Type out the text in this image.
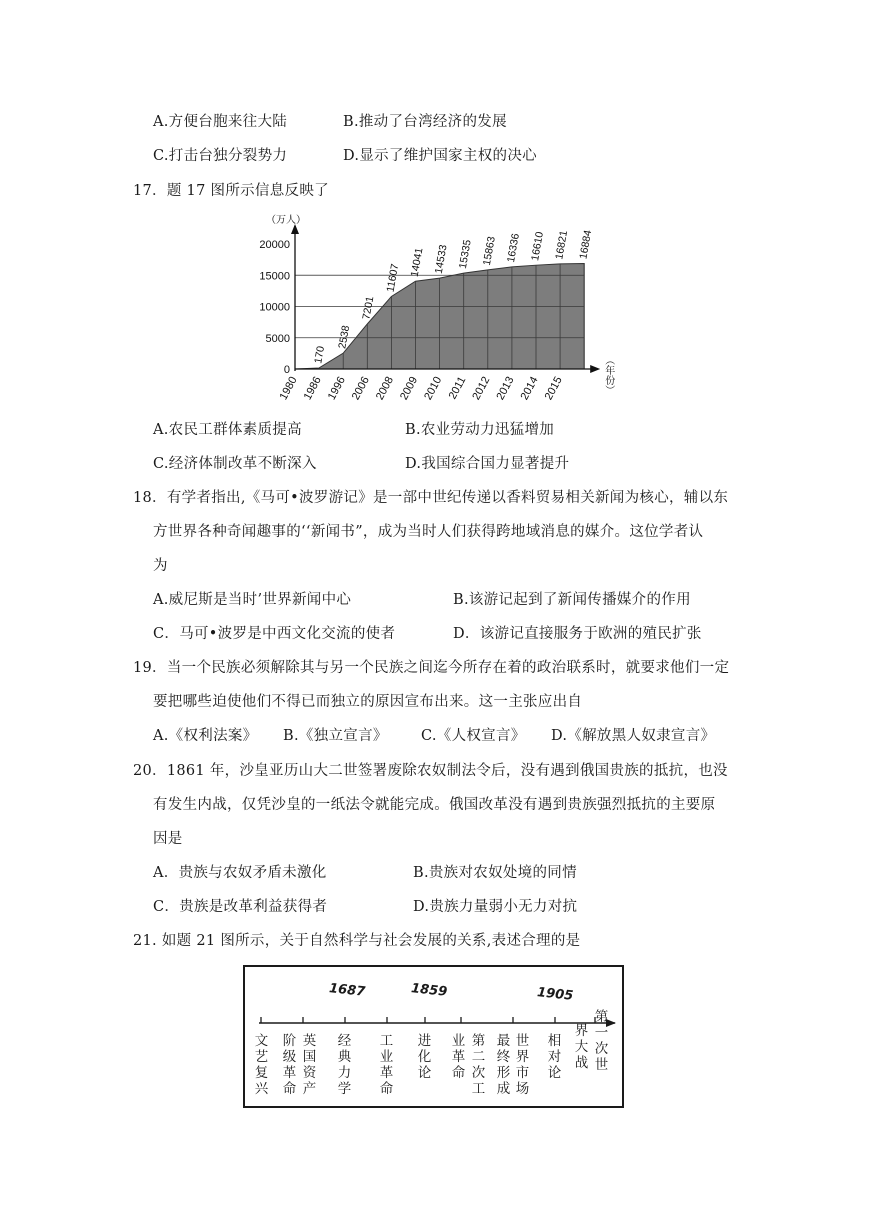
A.方便台胞来往大陆	B.推动了台湾经济的发展
C.打击台独分裂势力	D.显示了维护国家主权的决心
17．题 17 图所示信息反映了
0
5000
10000
15000
20000
（万人）
1980 1986 1996 2006 2008 2009 2010 2011 2012 2013 2014 2015	（年份）
170
2538
7201
11607
14041 14533 15335 15863 16336 16610 16821 16884
A.农民工群体素质提高	B.农业劳动力迅猛增加
C.经济体制改革不断深入	D.我国综合国力显著提升
18．有学者指出,《马可•波罗游记》是一部中世纪传递以香料贸易相关新闻为核心，辅以东
方世界各种奇闻趣事的‘‘新闻书”，成为当时人们获得跨地域消息的媒介。这位学者认
为
A.威尼斯是当时’世界新闻中心	B.该游记起到了新闻传播媒介的作用
C．马可•波罗是中西文化交流的使者	D．该游记直接服务于欧洲的殖民扩张
19．当一个民族必须解除其与另一个民族之间迄今所存在着的政治联系时，就要求他们一定
要把哪些迫使他们不得已而独立的原因宣布出来。这一主张应出自
A.《权利法案》 B.《独立宣言》 C.《人权宣言》 D.《解放黑人奴隶宣言》
20．1861 年，沙皇亚历山大二世签署废除农奴制法令后，没有遇到俄国贵族的抵抗，也没
有发生内战，仅凭沙皇的一纸法令就能完成。俄国改革没有遇到贵族强烈抵抗的主要原
因是
A．贵族与农奴矛盾未激化	B.贵族对农奴处境的同情
C．贵族是改革利益获得者	D.贵族力量弱小无力对抗
21. 如题 21 图所示，关于自然科学与社会发展的关系,表述合理的是
1687	1859	1905
文艺复兴
阶级革命
英国资产
经典力学
工业革命
进化论
业革命
第二次工
最终形成
世界市场
相对论
界大战
第一次世
